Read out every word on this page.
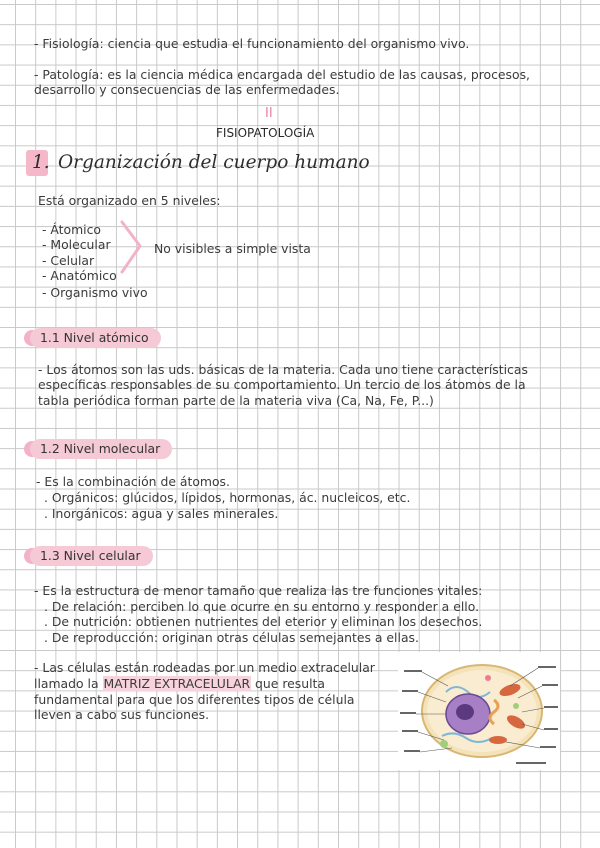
- Fisiología: ciencia que estudia el funcionamiento del organismo vivo.
- Patología: es la ciencia médica encargada del estudio de las causas, procesos,
desarrollo y consecuencias de las enfermedades.
II
FISIOPATOLOGÍA
1. Organización del cuerpo humano
Está organizado en 5 niveles:
- Átomico
- Molecular
- Celular
- Anatómico
- Organismo vivo
No visibles a simple vista
1.1 Nivel atómico
- Los átomos son las uds. básicas de la materia. Cada uno tiene características
específicas responsables de su comportamiento. Un tercio de los átomos de la
tabla periódica forman parte de la materia viva (Ca, Na, Fe, P...)
1.2 Nivel molecular
- Es la combinación de átomos.
. Orgánicos: glúcidos, lípidos, hormonas, ác. nucleicos, etc.
. Inorgánicos: agua y sales minerales.
1.3 Nivel celular
- Es la estructura de menor tamaño que realiza las tre funciones vitales:
. De relación: perciben lo que ocurre en su entorno y responder a ello.
. De nutrición: obtienen nutrientes del eterior y eliminan los desechos.
. De reproducción: originan otras células semejantes a ellas.
- Las células están rodeadas por un medio extracelular
llamado la MATRIZ EXTRACELULAR que resulta
fundamental para que los diferentes tipos de célula
lleven a cabo sus funciones.
